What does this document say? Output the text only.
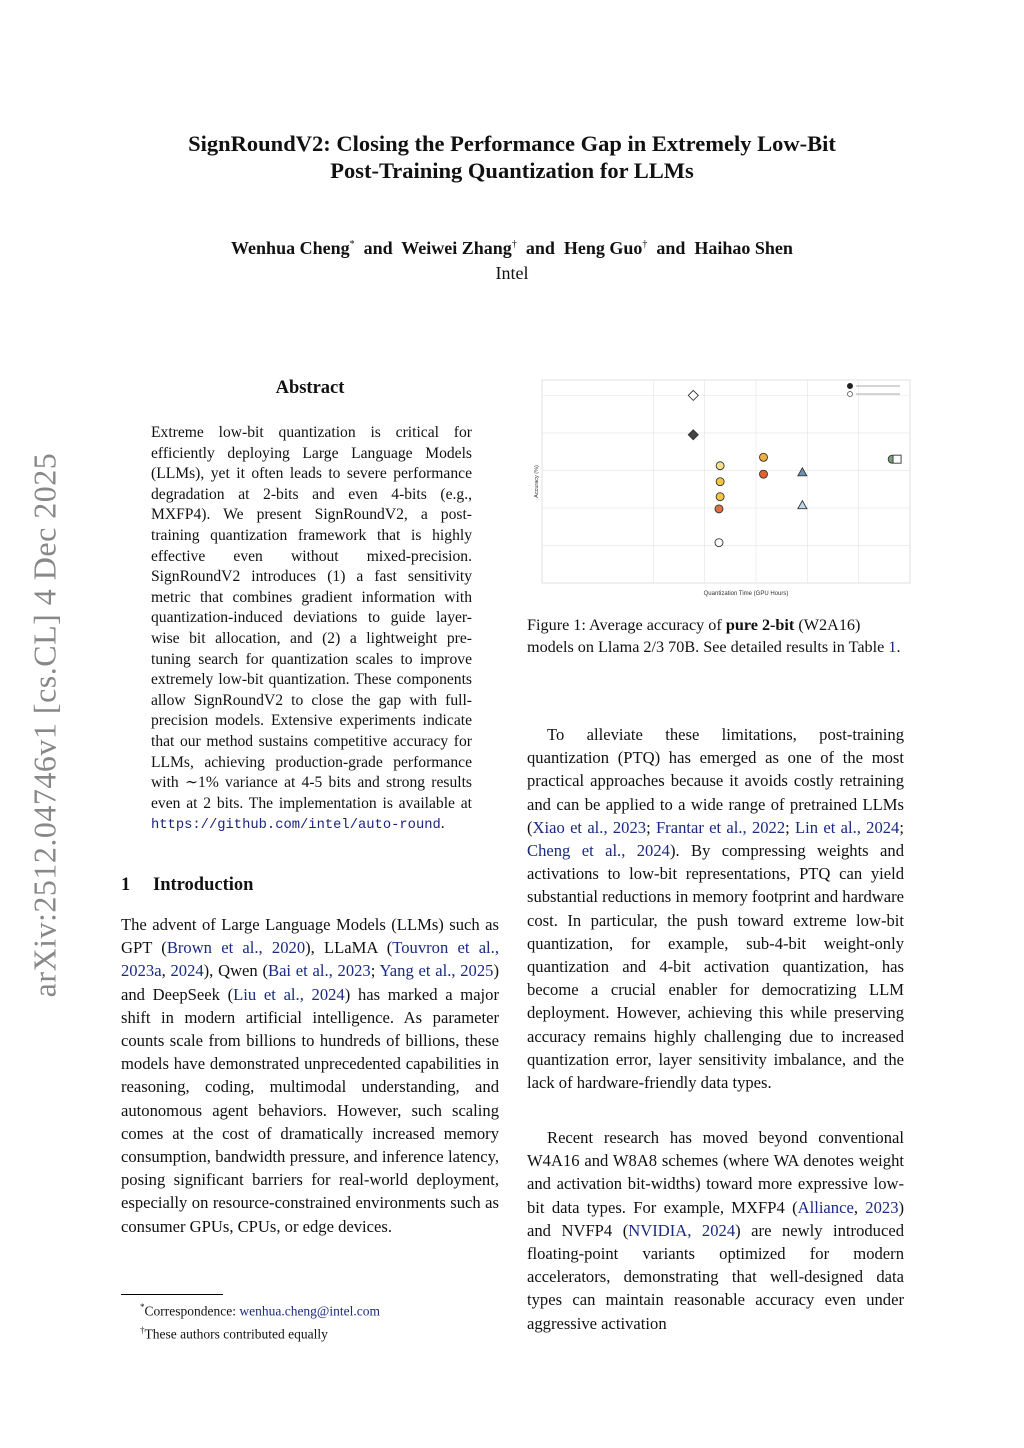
SignRoundV2: Closing the Performance Gap in Extremely Low-Bit
Post-Training Quantization for LLMs
Wenhua Cheng*  and  Weiwei Zhang†  and  Heng Guo†  and  Haihao Shen
Intel
arXiv:2512.04746v1 [cs.CL] 4 Dec 2025
Abstract
Extreme low-bit quantization is critical for efficiently deploying Large Language Models (LLMs), yet it often leads to severe performance degradation at 2-bits and even 4-bits (e.g., MXFP4). We present SignRoundV2, a post-training quantization framework that is highly effective even without mixed-precision. SignRoundV2 introduces (1) a fast sensitivity metric that combines gradient information with quantization-induced deviations to guide layer-wise bit allocation, and (2) a lightweight pre-tuning search for quantization scales to improve extremely low-bit quantization. These components allow SignRoundV2 to close the gap with full-precision models. Extensive experiments indicate that our method sustains competitive accuracy for LLMs, achieving production-grade performance with ∼1% variance at 4-5 bits and strong results even at 2 bits. The implementation is available at https://github.com/intel/auto-round.
1 Introduction
The advent of Large Language Models (LLMs) such as GPT (Brown et al., 2020), LLaMA (Touvron et al., 2023a, 2024), Qwen (Bai et al., 2023; Yang et al., 2025) and DeepSeek (Liu et al., 2024) has marked a major shift in modern artificial intelligence. As parameter counts scale from billions to hundreds of billions, these models have demonstrated unprecedented capabilities in reasoning, coding, multimodal understanding, and autonomous agent behaviors. However, such scaling comes at the cost of dramatically increased memory consumption, bandwidth pressure, and inference latency, posing significant barriers for real-world deployment, especially on resource-constrained environments such as consumer GPUs, CPUs, or edge devices.

To alleviate these limitations, post-training quantization (PTQ) has emerged as one of the most practical approaches because it avoids costly retraining and can be applied to a wide range of pretrained LLMs (Xiao et al., 2023; Frantar et al., 2022; Lin et al., 2024; Cheng et al., 2024). By compressing weights and activations to low-bit representations, PTQ can yield substantial reductions in memory footprint and hardware cost. In particular, the push toward extreme low-bit quantization, for example, sub-4-bit weight-only quantization and 4-bit activation quantization, has become a crucial enabler for democratizing LLM deployment. However, achieving this while preserving accuracy remains highly challenging due to increased quantization error, layer sensitivity imbalance, and the lack of hardware-friendly data types.

Recent research has moved beyond conventional W4A16 and W8A8 schemes (where WA denotes weight and activation bit-widths) toward more expressive low-bit data types. For example, MXFP4 (Alliance, 2023) and NVFP4 (NVIDIA, 2024) are newly introduced floating-point variants optimized for modern accelerators, demonstrating that well-designed data types can maintain reasonable accuracy even under aggressive activation

*Correspondence: wenhua.cheng@intel.com
†These authors contributed equally
Quantization Time (GPU Hours)
Accuracy (%)
Figure 1: Average accuracy of pure 2-bit (W2A16) models on Llama 2/3 70B. See detailed results in Table 1.
